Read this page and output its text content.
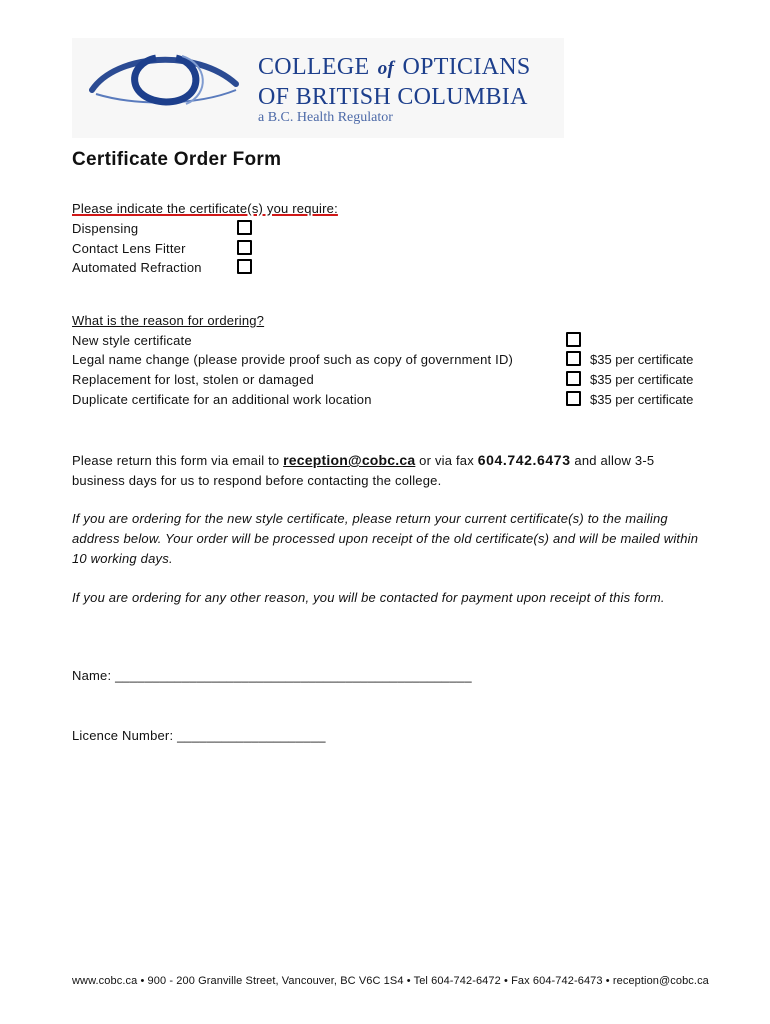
COLLEGE of OPTICIANS
OF BRITISH COLUMBIA
a B.C. Health Regulator
Certificate Order Form
Please indicate the certificate(s) you require:
Dispensing
Contact Lens Fitter
Automated Refraction
What is the reason for ordering?
New style certificate
Legal name change (please provide proof such as copy of government ID)
Replacement for lost, stolen or damaged
Duplicate certificate for an additional work location
$35 per certificate
$35 per certificate
$35 per certificate
Please return this form via email to reception@cobc.ca or via fax 604.742.6473 and allow 3-5 business days for us to respond before contacting the college.
If you are ordering for the new style certificate, please return your current certificate(s) to the mailing address below. Your order will be processed upon receipt of the old certificate(s) and will be mailed within 10 working days.
If you are ordering for any other reason, you will be contacted for payment upon receipt of this form.
Name: ________________________________________________
Licence Number: ____________________
www.cobc.ca • 900 - 200 Granville Street, Vancouver, BC V6C 1S4 • Tel 604-742-6472 • Fax 604-742-6473 • reception@cobc.ca
